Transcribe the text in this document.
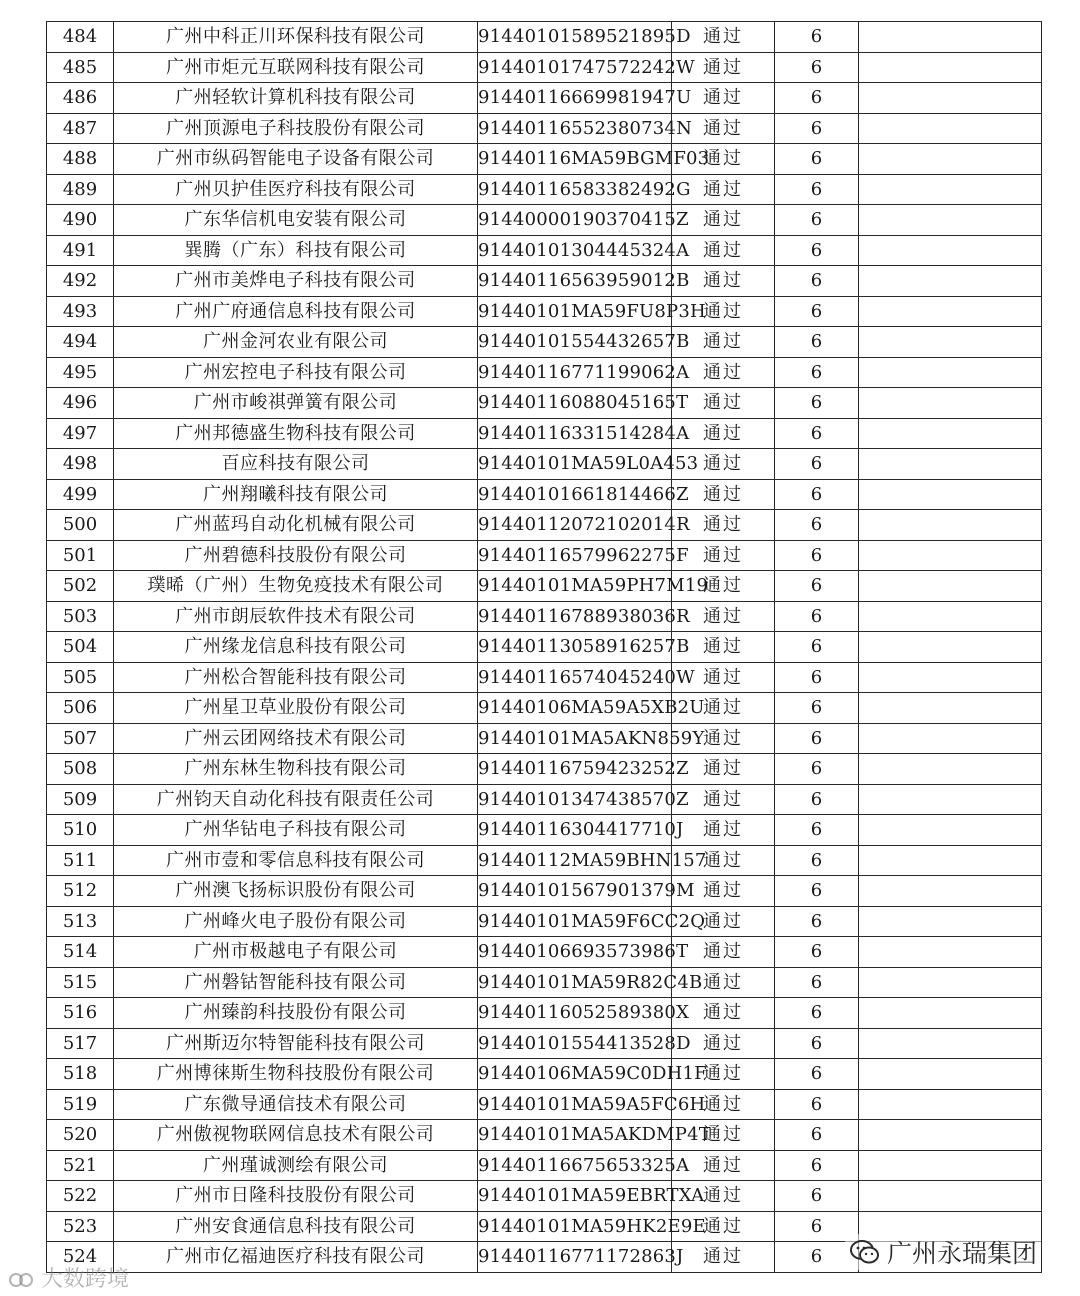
484	广州中科正川环保科技有限公司	91440101589521895D	通过	6	
485	广州市炬元互联网科技有限公司	91440101747572242W	通过	6	
486	广州轻软计算机科技有限公司	91440116669981947U	通过	6	
487	广州顶源电子科技股份有限公司	91440116552380734N	通过	6	
488	广州市纵码智能电子设备有限公司	91440116MA59BGMF03	通过	6	
489	广州贝护佳医疗科技有限公司	91440116583382492G	通过	6	
490	广东华信机电安装有限公司	91440000190370415Z	通过	6	
491	巽腾（广东）科技有限公司	91440101304445324A	通过	6	
492	广州市美烨电子科技有限公司	91440116563959012B	通过	6	
493	广州广府通信息科技有限公司	91440101MA59FU8P3H	通过	6	
494	广州金河农业有限公司	91440101554432657B	通过	6	
495	广州宏控电子科技有限公司	91440116771199062A	通过	6	
496	广州市峻祺弹簧有限公司	91440116088045165T	通过	6	
497	广州邦德盛生物科技有限公司	91440116331514284A	通过	6	
498	百应科技有限公司	91440101MA59L0A453	通过	6	
499	广州翔曦科技有限公司	91440101661814466Z	通过	6	
500	广州蓝玛自动化机械有限公司	91440112072102014R	通过	6	
501	广州碧德科技股份有限公司	91440116579962275F	通过	6	
502	璞晞（广州）生物免疫技术有限公司	91440101MA59PH7M19	通过	6	
503	广州市朗辰软件技术有限公司	91440116788938036R	通过	6	
504	广州缘龙信息科技有限公司	91440113058916257B	通过	6	
505	广州松合智能科技有限公司	91440116574045240W	通过	6	
506	广州星卫草业股份有限公司	91440106MA59A5XB2U	通过	6	
507	广州云团网络技术有限公司	91440101MA5AKN859Y	通过	6	
508	广州东林生物科技有限公司	91440116759423252Z	通过	6	
509	广州钧天自动化科技有限责任公司	91440101347438570Z	通过	6	
510	广州华钻电子科技有限公司	91440116304417710J	通过	6	
511	广州市壹和零信息科技有限公司	91440112MA59BHN157	通过	6	
512	广州澳飞扬标识股份有限公司	91440101567901379M	通过	6	
513	广州峰火电子股份有限公司	91440101MA59F6CC2Q	通过	6	
514	广州市极越电子有限公司	91440106693573986T	通过	6	
515	广州磐钴智能科技有限公司	91440101MA59R82C4B	通过	6	
516	广州臻韵科技股份有限公司	91440116052589380X	通过	6	
517	广州斯迈尔特智能科技有限公司	91440101554413528D	通过	6	
518	广州博徕斯生物科技股份有限公司	91440106MA59C0DH1F	通过	6	
519	广东微导通信技术有限公司	91440101MA59A5FC6H	通过	6	
520	广州傲视物联网信息技术有限公司	91440101MA5AKDMP4T	通过	6	
521	广州瑾诚测绘有限公司	91440116675653325A	通过	6	
522	广州市日隆科技股份有限公司	91440101MA59EBRTXA	通过	6	
523	广州安食通信息科技有限公司	91440101MA59HK2E9E	通过	6	
524	广州市亿福迪医疗科技有限公司	91440116771172863J	通过	6	
大数跨境
广州永瑞集团
